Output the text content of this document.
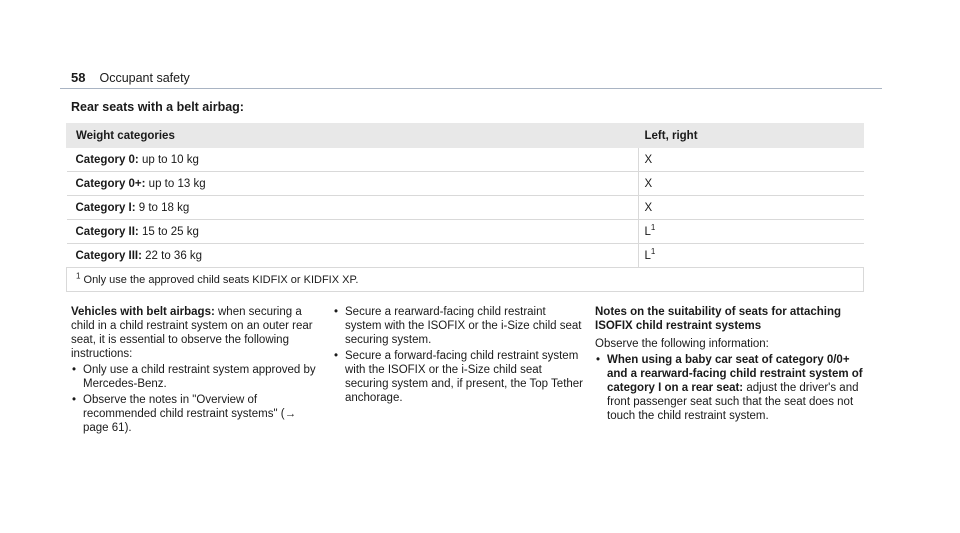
58 Occupant safety
Rear seats with a belt airbag:
Weight categories	Left, right
Category 0: up to 10 kg	X
Category 0+: up to 13 kg	X
Category I: 9 to 18 kg	X
Category II: 15 to 25 kg	$L^1$
Category III: 22 to 36 kg	$L^1$
$^1$ Only use the approved child seats KIDFIX or KIDFIX XP.	

Vehicles with belt airbags: when securing a child in a child restraint system on an outer rear seat, it is essential to observe the following instructions:

• Only use a child restraint system approved by Mercedes-Benz.
• Observe the notes in "Overview of recommended child restraint systems" (→ page 61).
• Secure a rearward-facing child restraint system with the ISOFIX or the i-Size child seat securing system.
• Secure a forward-facing child restraint system with the ISOFIX or the i-Size child seat securing system and, if present, the Top Tether anchorage.

Notes on the suitability of seats for attaching ISOFIX child restraint systems

Observe the following information:

• When using a baby car seat of category 0/0+ and a rearward-facing child restraint system of category I on a rear seat: adjust the driver's and front passenger seat such that the seat does not touch the child restraint system.
